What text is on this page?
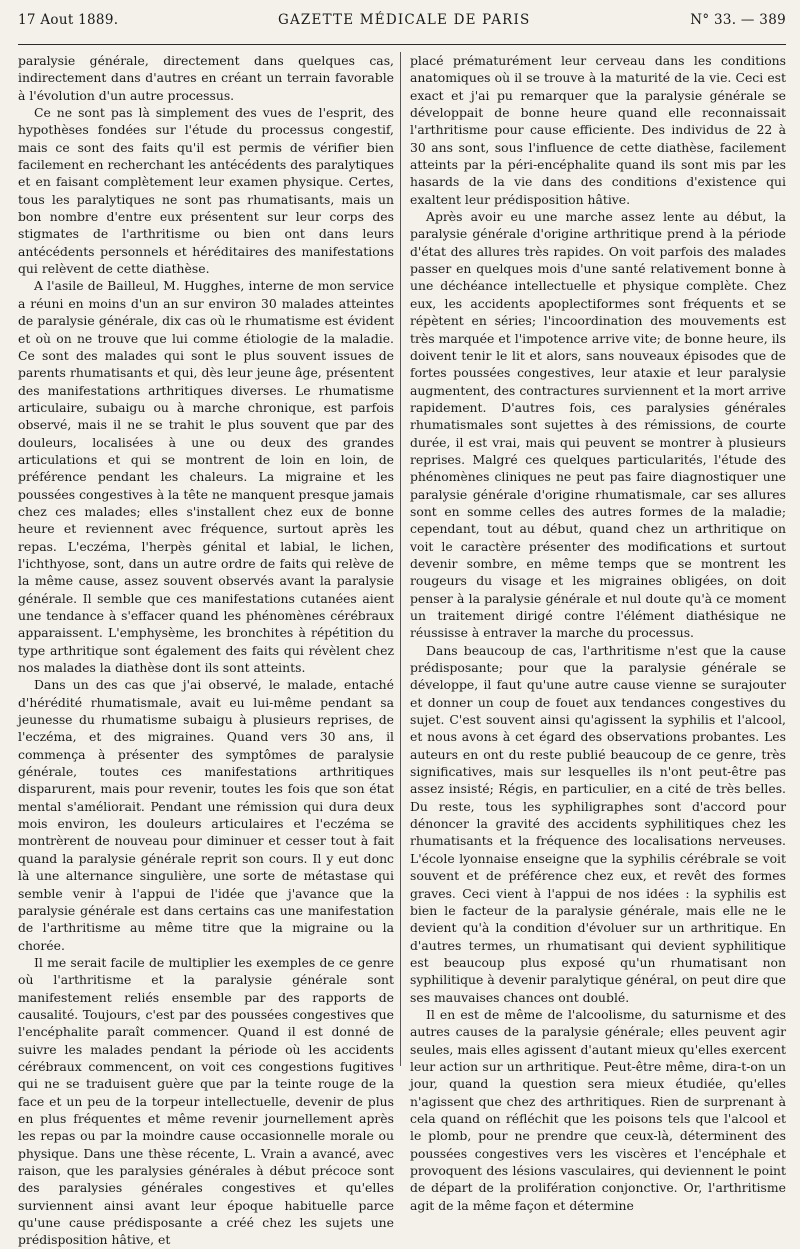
17 Aout 1889.	GAZETTE MÉDICALE DE PARIS	N° 33. — 389

paralysie générale, directement dans quelques cas, indirectement dans d'autres en créant un terrain favorable à l'évolution d'un autre processus.

Ce ne sont pas là simplement des vues de l'esprit, des hypothèses fondées sur l'étude du processus congestif, mais ce sont des faits qu'il est permis de vérifier bien facilement en recherchant les antécédents des paralytiques et en faisant complètement leur examen physique. Certes, tous les paralytiques ne sont pas rhumatisants, mais un bon nombre d'entre eux présentent sur leur corps des stigmates de l'arthritisme ou bien ont dans leurs antécédents personnels et héréditaires des manifestations qui relèvent de cette diathèse.

A l'asile de Bailleul, M. Hugghes, interne de mon service a réuni en moins d'un an sur environ 30 malades atteintes de paralysie générale, dix cas où le rhumatisme est évident et où on ne trouve que lui comme étiologie de la maladie. Ce sont des malades qui sont le plus souvent issues de parents rhumatisants et qui, dès leur jeune âge, présentent des manifestations arthritiques diverses. Le rhumatisme articulaire, subaigu ou à marche chronique, est parfois observé, mais il ne se trahit le plus souvent que par des douleurs, localisées à une ou deux des grandes articulations et qui se montrent de loin en loin, de préférence pendant les chaleurs. La migraine et les poussées congestives à la tête ne manquent presque jamais chez ces malades; elles s'installent chez eux de bonne heure et reviennent avec fréquence, surtout après les repas. L'eczéma, l'herpès génital et labial, le lichen, l'ichthyose, sont, dans un autre ordre de faits qui relève de la même cause, assez souvent observés avant la paralysie générale. Il semble que ces manifestations cutanées aient une tendance à s'effacer quand les phénomènes cérébraux apparaissent. L'emphysème, les bronchites à répétition du type arthritique sont également des faits qui révèlent chez nos malades la diathèse dont ils sont atteints.

Dans un des cas que j'ai observé, le malade, entaché d'hérédité rhumatismale, avait eu lui-même pendant sa jeunesse du rhumatisme subaigu à plusieurs reprises, de l'eczéma, et des migraines. Quand vers 30 ans, il commença à présenter des symptômes de paralysie générale, toutes ces manifestations arthritiques disparurent, mais pour revenir, toutes les fois que son état mental s'améliorait. Pendant une rémission qui dura deux mois environ, les douleurs articulaires et l'eczéma se montrèrent de nouveau pour diminuer et cesser tout à fait quand la paralysie générale reprit son cours. Il y eut donc là une alternance singulière, une sorte de métastase qui semble venir à l'appui de l'idée que j'avance que la paralysie générale est dans certains cas une manifestation de l'arthritisme au même titre que la migraine ou la chorée.

Il me serait facile de multiplier les exemples de ce genre où l'arthritisme et la paralysie générale sont manifestement reliés ensemble par des rapports de causalité. Toujours, c'est par des poussées congestives que l'encéphalite paraît commencer. Quand il est donné de suivre les malades pendant la période où les accidents cérébraux commencent, on voit ces congestions fugitives qui ne se traduisent guère que par la teinte rouge de la face et un peu de la torpeur intellectuelle, devenir de plus en plus fréquentes et même revenir journellement après les repas ou par la moindre cause occasionnelle morale ou physique. Dans une thèse récente, L. Vrain a avancé, avec raison, que les paralysies générales à début précoce sont des paralysies générales congestives et qu'elles surviennent ainsi avant leur époque habituelle parce qu'une cause prédisposante a créé chez les sujets une prédisposition hâtive, et

placé prématurément leur cerveau dans les conditions anatomiques où il se trouve à la maturité de la vie. Ceci est exact et j'ai pu remarquer que la paralysie générale se développait de bonne heure quand elle reconnaissait l'arthritisme pour cause efficiente. Des individus de 22 à 30 ans sont, sous l'influence de cette diathèse, facilement atteints par la péri-encéphalite quand ils sont mis par les hasards de la vie dans des conditions d'existence qui exaltent leur prédisposition hâtive.

Après avoir eu une marche assez lente au début, la paralysie générale d'origine arthritique prend à la période d'état des allures très rapides. On voit parfois des malades passer en quelques mois d'une santé relativement bonne à une déchéance intellectuelle et physique complète. Chez eux, les accidents apoplectiformes sont fréquents et se répètent en séries; l'incoordination des mouvements est très marquée et l'impotence arrive vite; de bonne heure, ils doivent tenir le lit et alors, sans nouveaux épisodes que de fortes poussées congestives, leur ataxie et leur paralysie augmentent, des contractures surviennent et la mort arrive rapidement. D'autres fois, ces paralysies générales rhumatismales sont sujettes à des rémissions, de courte durée, il est vrai, mais qui peuvent se montrer à plusieurs reprises. Malgré ces quelques particularités, l'étude des phénomènes cliniques ne peut pas faire diagnostiquer une paralysie générale d'origine rhumatismale, car ses allures sont en somme celles des autres formes de la maladie; cependant, tout au début, quand chez un arthritique on voit le caractère présenter des modifications et surtout devenir sombre, en même temps que se montrent les rougeurs du visage et les migraines obligées, on doit penser à la paralysie générale et nul doute qu'à ce moment un traitement dirigé contre l'élément diathésique ne réussisse à entraver la marche du processus.

Dans beaucoup de cas, l'arthritisme n'est que la cause prédisposante; pour que la paralysie générale se développe, il faut qu'une autre cause vienne se surajouter et donner un coup de fouet aux tendances congestives du sujet. C'est souvent ainsi qu'agissent la syphilis et l'alcool, et nous avons à cet égard des observations probantes. Les auteurs en ont du reste publié beaucoup de ce genre, très significatives, mais sur lesquelles ils n'ont peut-être pas assez insisté; Régis, en particulier, en a cité de très belles. Du reste, tous les syphiligraphes sont d'accord pour dénoncer la gravité des accidents syphilitiques chez les rhumatisants et la fréquence des localisations nerveuses. L'école lyonnaise enseigne que la syphilis cérébrale se voit souvent et de préférence chez eux, et revêt des formes graves. Ceci vient à l'appui de nos idées : la syphilis est bien le facteur de la paralysie générale, mais elle ne le devient qu'à la condition d'évoluer sur un arthritique. En d'autres termes, un rhumatisant qui devient syphilitique est beaucoup plus exposé qu'un rhumatisant non syphilitique à devenir paralytique général, on peut dire que ses mauvaises chances ont doublé.

Il en est de même de l'alcoolisme, du saturnisme et des autres causes de la paralysie générale; elles peuvent agir seules, mais elles agissent d'autant mieux qu'elles exercent leur action sur un arthritique. Peut-être même, dira-t-on un jour, quand la question sera mieux étudiée, qu'elles n'agissent que chez des arthritiques. Rien de surprenant à cela quand on réfléchit que les poisons tels que l'alcool et le plomb, pour ne prendre que ceux-là, déterminent des poussées congestives vers les viscères et l'encéphale et provoquent des lésions vasculaires, qui deviennent le point de départ de la prolifération conjonctive. Or, l'arthritisme agit de la même façon et détermine
